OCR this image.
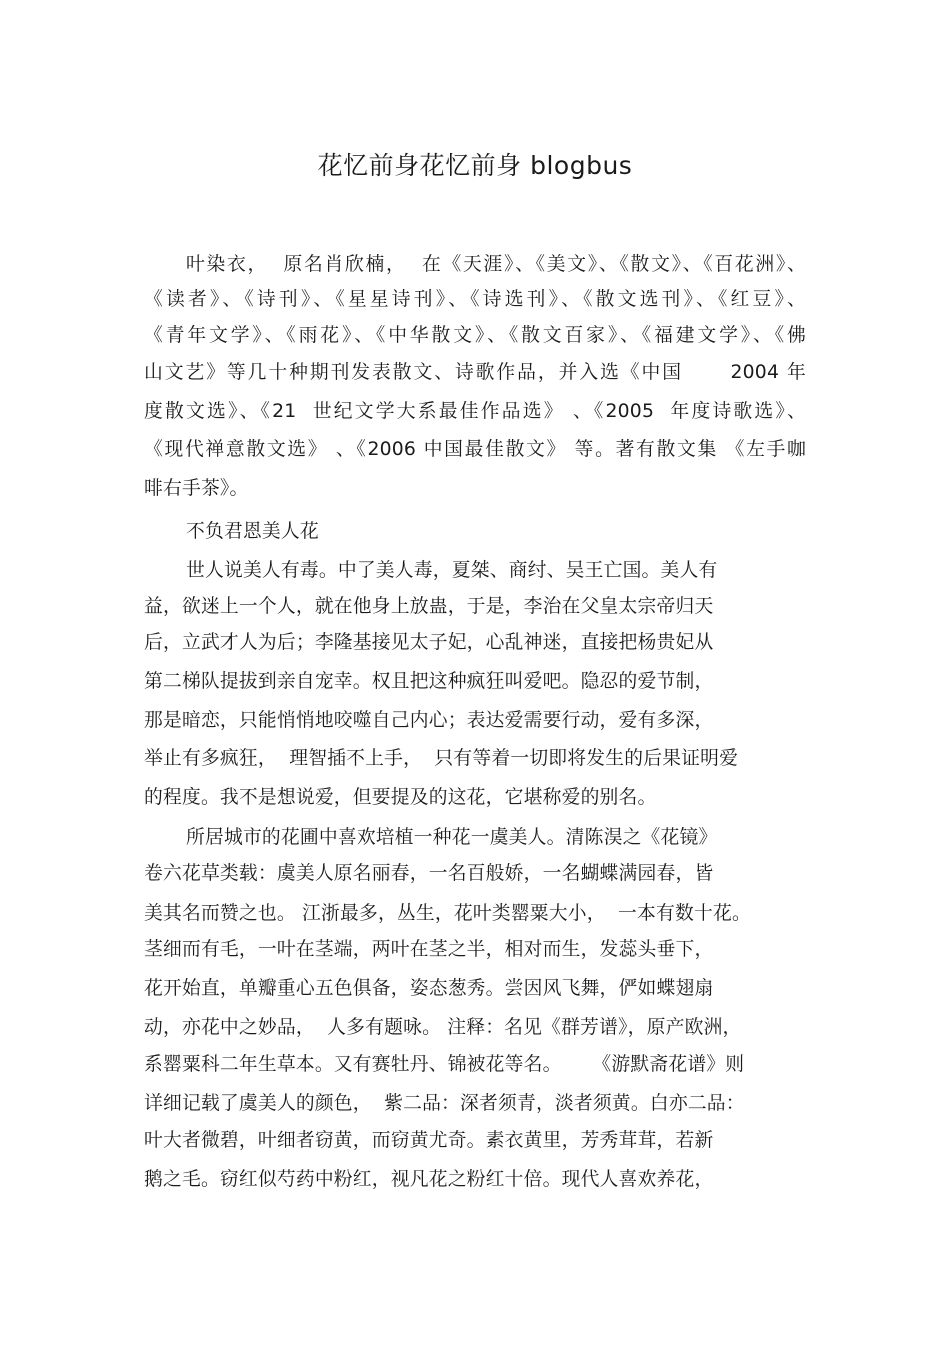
花忆前身花忆前身 blogbus
叶染衣，  原名肖欣楠，  在《天涯》、《美文》、《散文》、《百花洲》、
《读者》、《诗刊》、《星星诗刊》、《诗选刊》、《散文选刊》、《红豆》、
《青年文学》、《雨花》、《中华散文》、《散文百家》、《福建文学》、《佛
山文艺》等几十种期刊发表散文、诗歌作品，并入选《中国      2004 年
度散文选》、《21  世纪文学大系最佳作品选》 、《2005  年度诗歌选》、
《现代禅意散文选》 、《2006 中国最佳散文》 等。著有散文集 《左手咖
啡右手茶》。
不负君恩美人花
世人说美人有毒。中了美人毒，夏桀、商纣、吴王亡国。美人有
益，欲迷上一个人，就在他身上放蛊，于是，李治在父皇太宗帝归天
后，立武才人为后；李隆基接见太子妃，心乱神迷，直接把杨贵妃从
第二梯队提拔到亲自宠幸。权且把这种疯狂叫爱吧。隐忍的爱节制，
那是暗恋，只能悄悄地咬噬自己内心；表达爱需要行动，爱有多深，
举止有多疯狂，  理智插不上手，  只有等着一切即将发生的后果证明爱
的程度。我不是想说爱，但要提及的这花，它堪称爱的别名。
所居城市的花圃中喜欢培植一种花一虞美人。清陈淏之《花镜》
卷六花草类载：虞美人原名丽春，一名百般娇，一名蝴蝶满园春，皆
美其名而赞之也。 江浙最多，丛生，花叶类罂粟大小，  一本有数十花。
茎细而有毛，一叶在茎端，两叶在茎之半，相对而生，发蕊头垂下，
花开始直，单瓣重心五色俱备，姿态葱秀。尝因风飞舞，俨如蝶翅扇
动，亦花中之妙品，  人多有题咏。 注释：名见《群芳谱》，原产欧洲，
系罂粟科二年生草本。又有赛牡丹、锦被花等名。     《游默斋花谱》则
详细记载了虞美人的颜色，  紫二品：深者须青，淡者须黄。白亦二品：
叶大者微碧，叶细者窃黄，而窃黄尤奇。素衣黄里，芳秀茸茸，若新
鹅之毛。窃红似芍药中粉红，视凡花之粉红十倍。现代人喜欢养花，
